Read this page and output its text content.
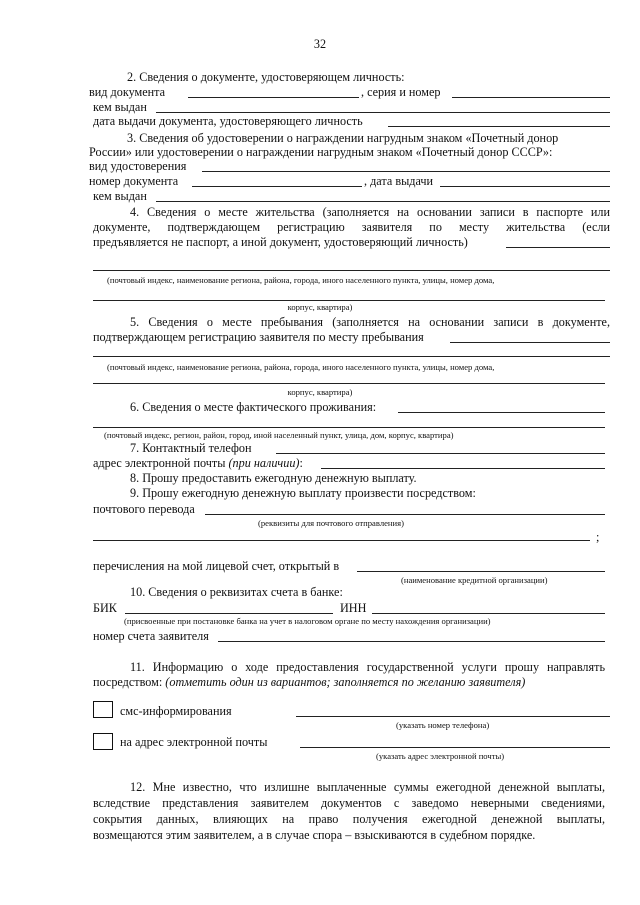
32
2. Сведения о документе, удостоверяющем личность:
вид документа	, серия и номер
кем выдан
дата выдачи документа, удостоверяющего личность
3. Сведения об удостоверении о награждении нагрудным знаком «Почетный донор
России» или удостоверении о награждении нагрудным знаком «Почетный донор СССР»:
вид удостоверения
номер документа	, дата выдачи
кем выдан
4. Сведения о месте жительства (заполняется на основании записи в паспорте или
документе, подтверждающем регистрацию заявителя по месту жительства (если
предъявляется не паспорт, а иной документ, удостоверяющий личность)
(почтовый индекс, наименование региона, района, города, иного населенного пункта, улицы, номер дома,
корпус, квартира)
5. Сведения о месте пребывания (заполняется на основании записи в документе,
подтверждающем регистрацию заявителя по месту пребывания
(почтовый индекс, наименование региона, района, города, иного населенного пункта, улицы, номер дома,
корпус, квартира)
6. Сведения о месте фактического проживания:
(почтовый индекс, регион, район, город, иной населенный пункт, улица, дом, корпус, квартира)
7. Контактный телефон
адрес электронной почты (при наличии):
8. Прошу предоставить ежегодную денежную выплату.
9. Прошу ежегодную денежную выплату произвести посредством:
почтового перевода
(реквизиты для почтового отправления)
;
перечисления на мой лицевой счет, открытый в
(наименование кредитной организации)
10. Сведения о реквизитах счета в банке:
БИК	ИНН
(присвоенные при постановке банка на учет в налоговом органе по месту нахождения организации)
номер счета заявителя
11. Информацию о ходе предоставления государственной услуги прошу направлять
посредством: (отметить один из вариантов; заполняется по желанию заявителя)
смс-информирования
(указать номер телефона)
на адрес электронной почты
(указать адрес электронной почты)
12. Мне известно, что излишне выплаченные суммы ежегодной денежной выплаты,
вследствие представления заявителем документов с заведомо неверными сведениями,
сокрытия данных, влияющих на право получения ежегодной денежной выплаты,
возмещаются этим заявителем, а в случае спора – взыскиваются в судебном порядке.
